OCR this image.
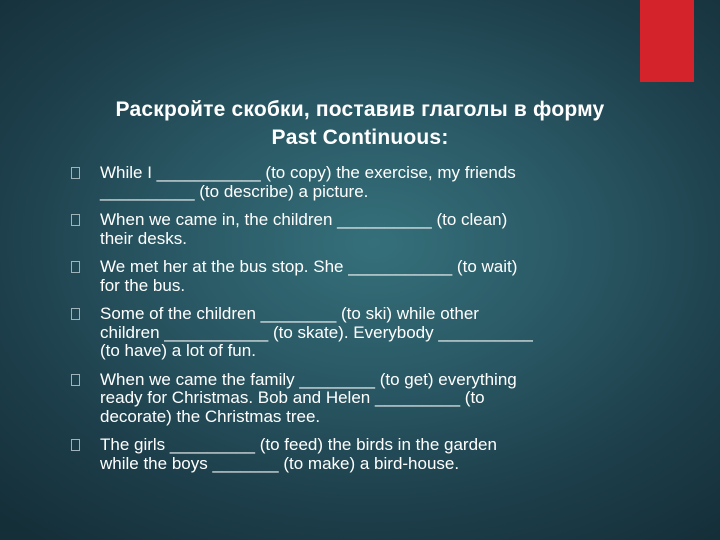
Раскройте скобки, поставив глаголы в форму
Past Continuous:
While I ___________ (to copy) the exercise, my friends
__________ (to describe) a picture.
When we came in, the children __________ (to clean)
their desks.
We met her at the bus stop. She ___________ (to wait)
for the bus.
Some of the children ________ (to ski) while other
children ___________ (to skate). Everybody __________
(to have) a lot of fun.
When we came the family ________ (to get) everything
ready for Christmas. Bob and Helen _________ (to
decorate) the Christmas tree.
The girls _________ (to feed) the birds in the garden
while the boys _______ (to make) a bird-house.
